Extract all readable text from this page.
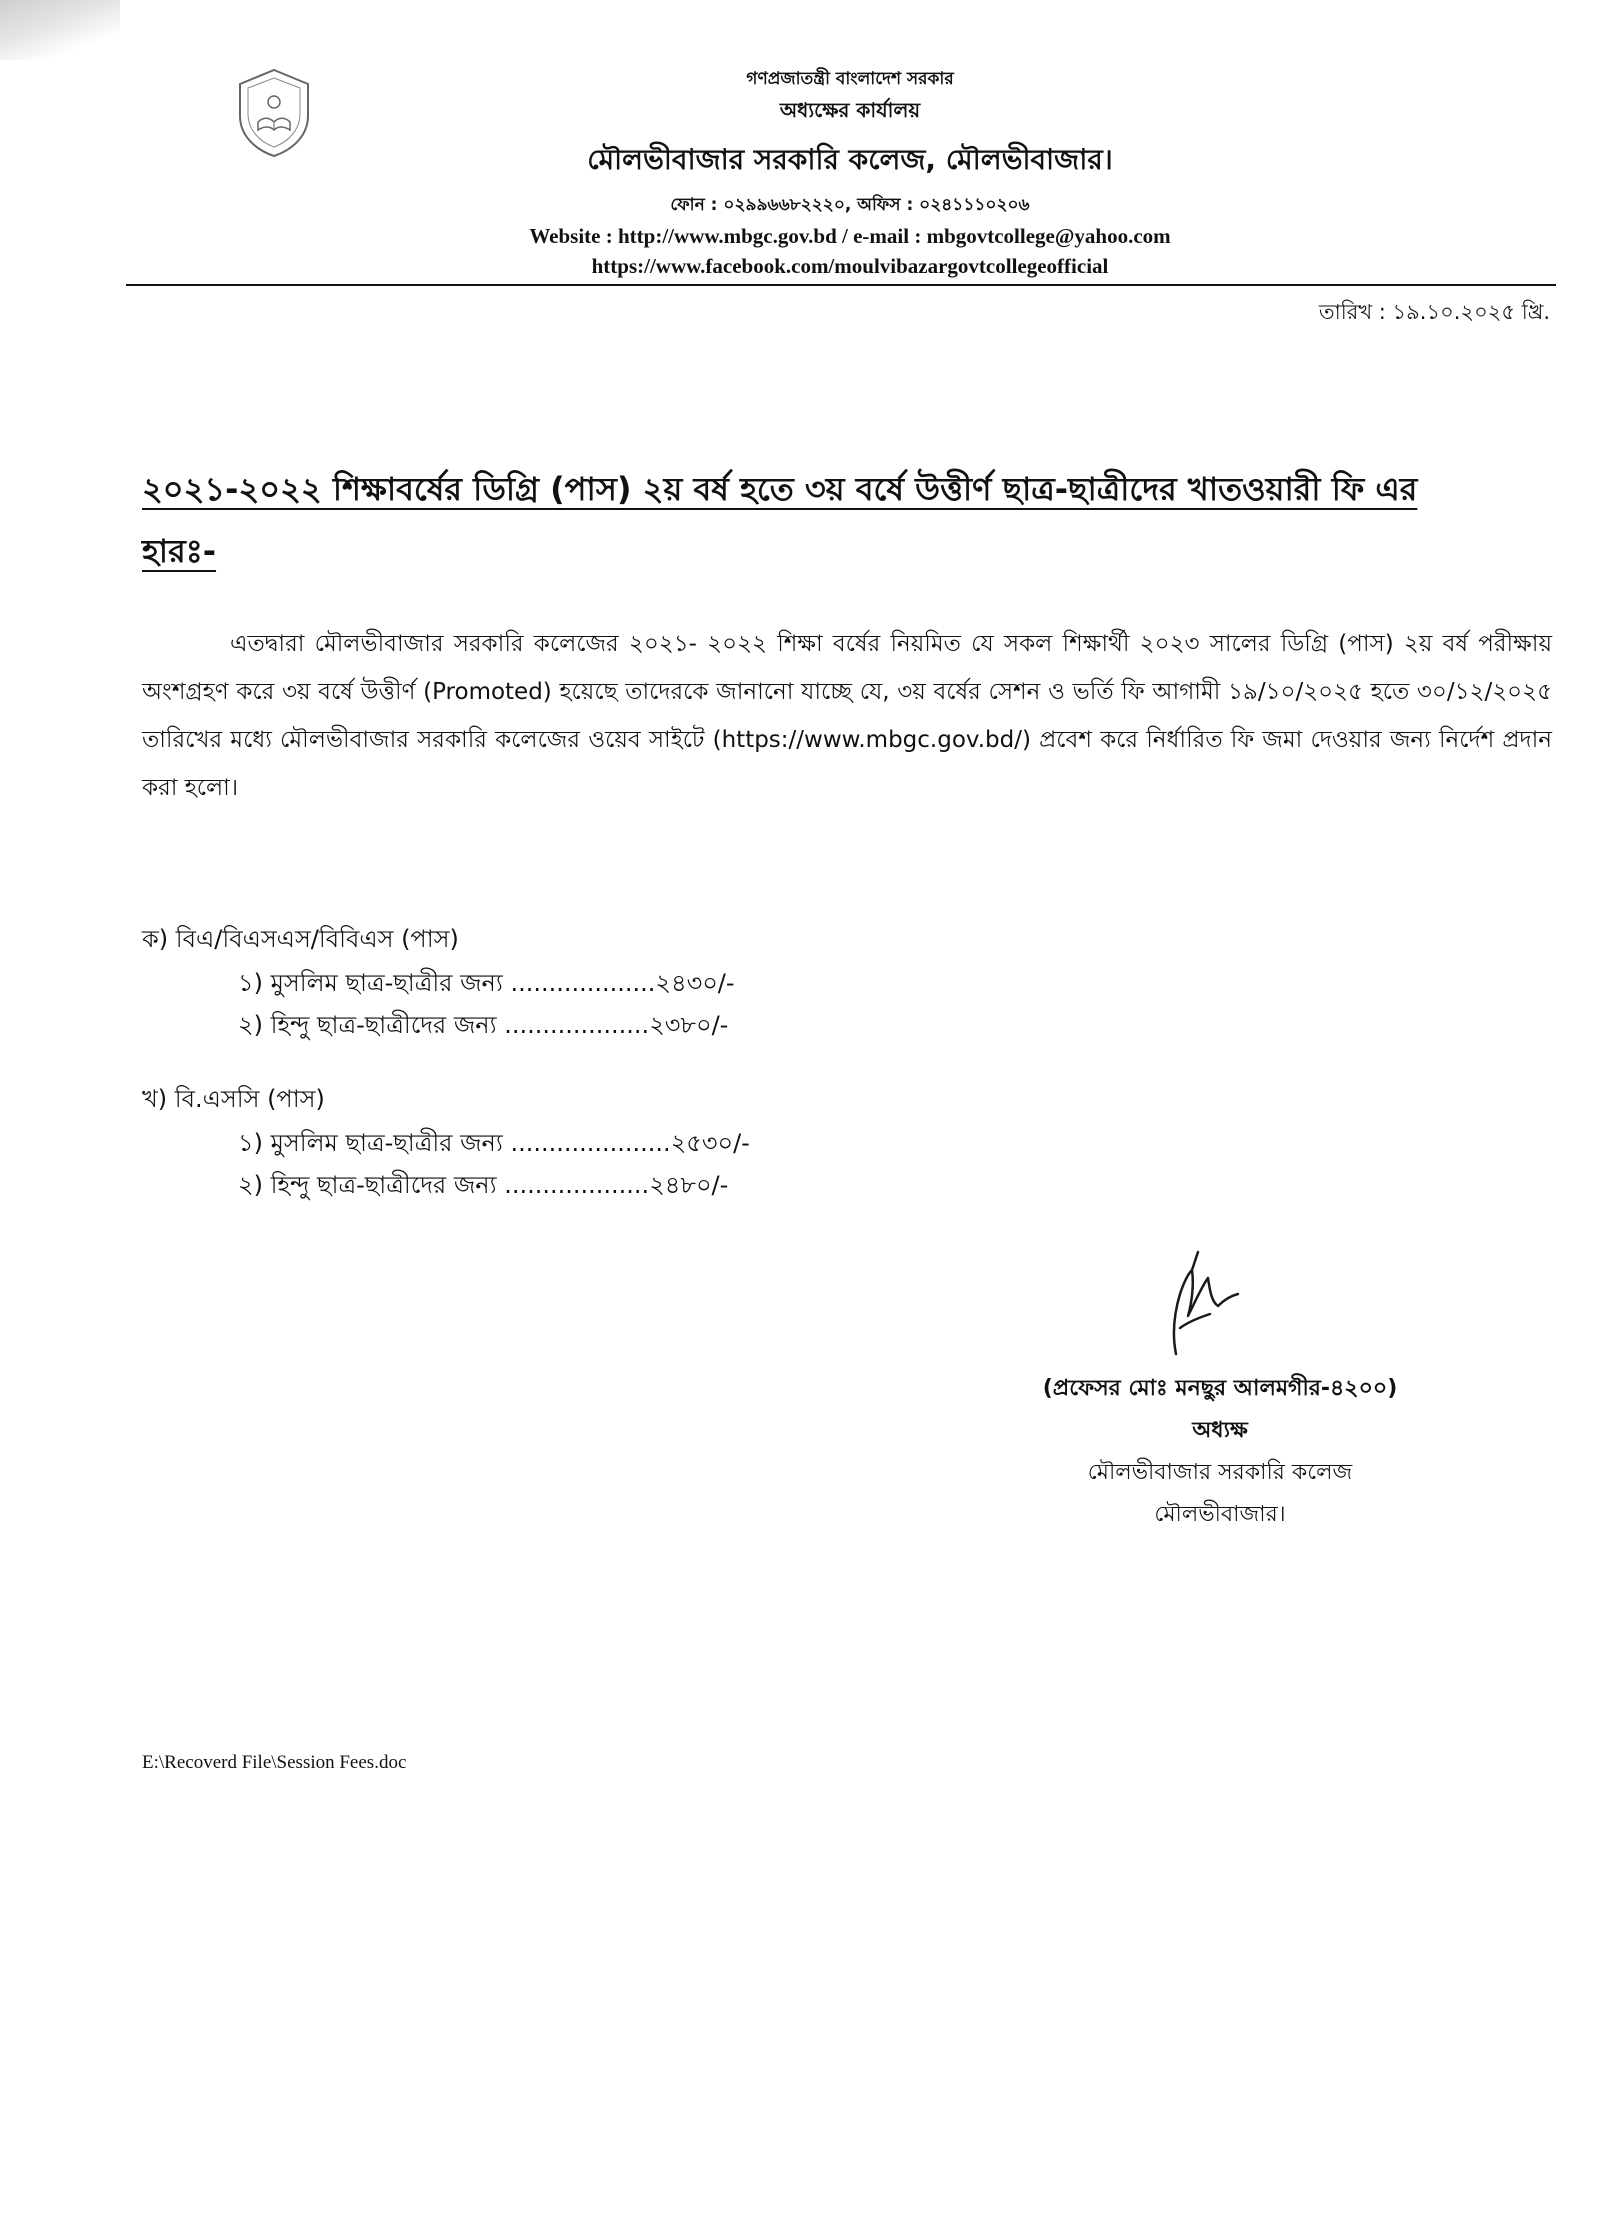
গণপ্রজাতন্ত্রী বাংলাদেশ সরকার
অধ্যক্ষের কার্যালয়
মৌলভীবাজার সরকারি কলেজ, মৌলভীবাজার।
ফোন : ০২৯৯৬৬৮২২২০, অফিস : ০২৪১১১০২০৬
Website : http://www.mbgc.gov.bd / e-mail : mbgovtcollege@yahoo.com
https://www.facebook.com/moulvibazargovtcollegeofficial
তারিখ : ১৯.১০.২০২৫ খ্রি.
২০২১-২০২২ শিক্ষাবর্ষের ডিগ্রি (পাস) ২য় বর্ষ হতে ৩য় বর্ষে উত্তীর্ণ ছাত্র-ছাত্রীদের খাতওয়ারী ফি এর হারঃ-
এতদ্বারা মৌলভীবাজার সরকারি কলেজের ২০২১- ২০২২ শিক্ষা বর্ষের নিয়মিত যে সকল শিক্ষার্থী ২০২৩ সালের ডিগ্রি (পাস) ২য় বর্ষ পরীক্ষায় অংশগ্রহণ করে ৩য় বর্ষে উত্তীর্ণ (Promoted) হয়েছে তাদেরকে জানানো যাচ্ছে যে, ৩য় বর্ষের সেশন ও ভর্তি ফি আগামী ১৯/১০/২০২৫ হতে ৩০/১২/২০২৫ তারিখের মধ্যে মৌলভীবাজার সরকারি কলেজের ওয়েব সাইটে (https://www.mbgc.gov.bd/) প্রবেশ করে নির্ধারিত ফি জমা দেওয়ার জন্য নির্দেশ প্রদান করা হলো।
ক) বিএ/বিএসএস/বিবিএস (পাস)
১) মুসলিম ছাত্র-ছাত্রীর জন্য ...................২৪৩০/-
২) হিন্দু ছাত্র-ছাত্রীদের জন্য ...................২৩৮০/-
খ) বি.এসসি (পাস)
১) মুসলিম ছাত্র-ছাত্রীর জন্য .....................২৫৩০/-
২) হিন্দু ছাত্র-ছাত্রীদের জন্য ...................২৪৮০/-
(প্রফেসর মোঃ মনছুর আলমগীর-৪২০০)
অধ্যক্ষ
মৌলভীবাজার সরকারি কলেজ
মৌলভীবাজার।
E:\Recoverd File\Session Fees.doc
